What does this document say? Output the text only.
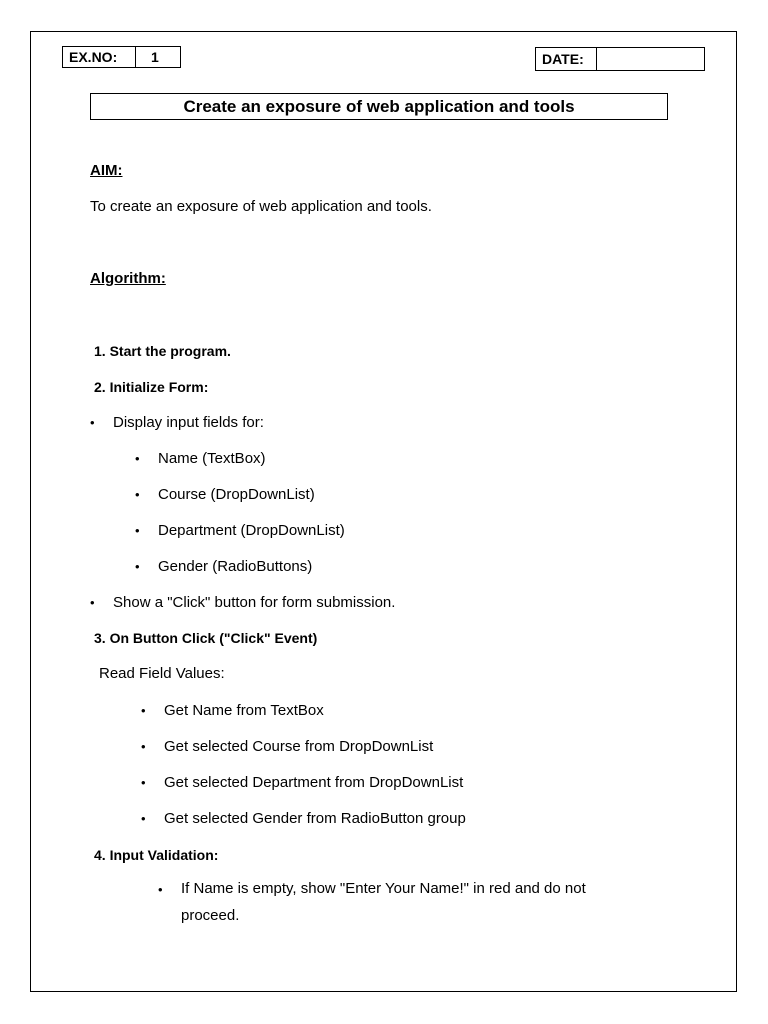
EX.NO:	1	DATE:
Create an exposure of web application and tools
AIM:
To create an exposure of web application and tools.
Algorithm:
1. Start the program.
2. Initialize Form:
• Display input fields for:
• Name (TextBox)
• Course (DropDownList)
• Department (DropDownList)
• Gender (RadioButtons)
• Show a "Click" button for form submission.
3. On Button Click ("Click" Event)
Read Field Values:
• Get Name from TextBox
• Get selected Course from DropDownList
• Get selected Department from DropDownList
• Get selected Gender from RadioButton group
4. Input Validation:
• If Name is empty, show "Enter Your Name!" in red and do not
proceed.
